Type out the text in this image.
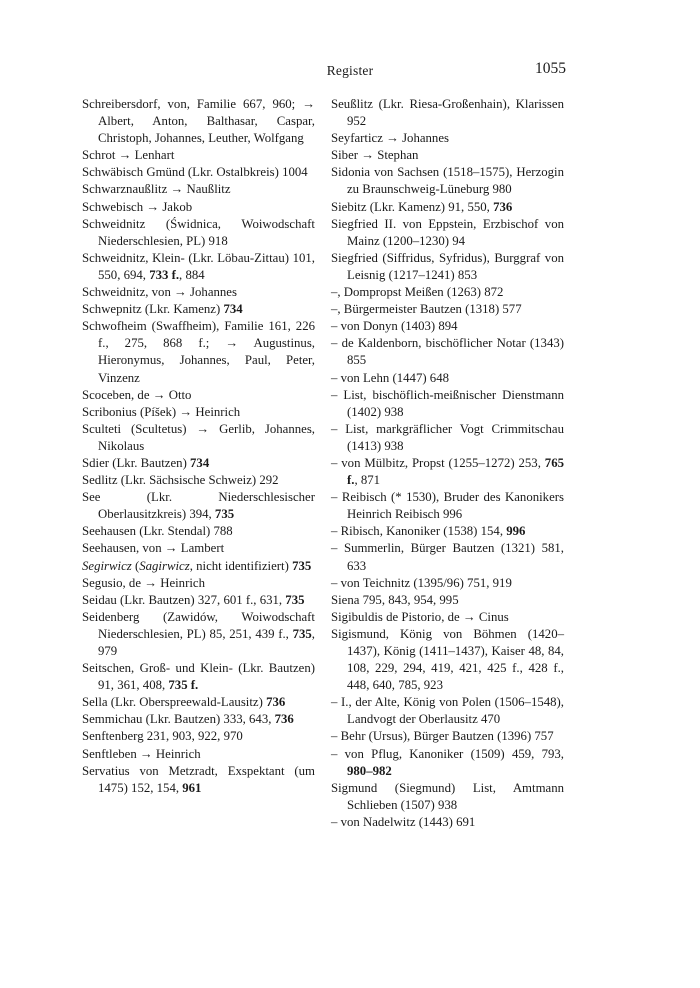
Register	1055

Schreibersdorf, von, Familie 667, 960; → Albert, Anton, Balthasar, Caspar, Christoph, Johannes, Leuther, Wolfgang

Schrot → Lenhart

Schwäbisch Gmünd (Lkr. Ostalbkreis) 1004

Schwarznaußlitz → Naußlitz

Schwebisch → Jakob

Schweidnitz (Świdnica, Woiwodschaft Niederschlesien, PL) 918

Schweidnitz, Klein- (Lkr. Löbau-Zittau) 101, 550, 694, 733 f., 884

Schweidnitz, von → Johannes

Schwepnitz (Lkr. Kamenz) 734

Schwofheim (Swaffheim), Familie 161, 226 f., 275, 868 f.; → Augustinus, Hieronymus, Johannes, Paul, Peter, Vinzenz

Scoceben, de → Otto

Scribonius (Píšek) → Heinrich

Sculteti (Scultetus) → Gerlib, Johannes, Nikolaus

Sdier (Lkr. Bautzen) 734

Sedlitz (Lkr. Sächsische Schweiz) 292

See (Lkr. Niederschlesischer Oberlausitzkreis) 394, 735

Seehausen (Lkr. Stendal) 788

Seehausen, von → Lambert

Segirwicz (Sagirwicz, nicht identifiziert) 735

Segusio, de → Heinrich

Seidau (Lkr. Bautzen) 327, 601 f., 631, 735

Seidenberg (Zawidów, Woiwodschaft Niederschlesien, PL) 85, 251, 439 f., 735, 979

Seitschen, Groß- und Klein- (Lkr. Bautzen) 91, 361, 408, 735 f.

Sella (Lkr. Oberspreewald-Lausitz) 736

Semmichau (Lkr. Bautzen) 333, 643, 736

Senftenberg 231, 903, 922, 970

Senftleben → Heinrich

Servatius von Metzradt, Exspektant (um 1475) 152, 154, 961

Seußlitz (Lkr. Riesa-Großenhain), Klarissen 952

Seyfarticz → Johannes

Siber → Stephan

Sidonia von Sachsen (1518–1575), Herzogin zu Braunschweig-Lüneburg 980

Siebitz (Lkr. Kamenz) 91, 550, 736

Siegfried II. von Eppstein, Erzbischof von Mainz (1200–1230) 94

Siegfried (Siffridus, Syfridus), Burggraf von Leisnig (1217–1241) 853

–, Dompropst Meißen (1263) 872

–, Bürgermeister Bautzen (1318) 577

– von Donyn (1403) 894

– de Kaldenborn, bischöflicher Notar (1343) 855

– von Lehn (1447) 648

– List, bischöflich-meißnischer Dienstmann (1402) 938

– List, markgräflicher Vogt Crimmitschau (1413) 938

– von Mülbitz, Propst (1255–1272) 253, 765 f., 871

– Reibisch (* 1530), Bruder des Kanonikers Heinrich Reibisch 996

– Ribisch, Kanoniker (1538) 154, 996

– Summerlin, Bürger Bautzen (1321) 581, 633

– von Teichnitz (1395/96) 751, 919

Siena 795, 843, 954, 995

Sigibuldis de Pistorio, de → Cinus

Sigismund, König von Böhmen (1420–1437), König (1411–1437), Kaiser 48, 84, 108, 229, 294, 419, 421, 425 f., 428 f., 448, 640, 785, 923

– I., der Alte, König von Polen (1506–1548), Landvogt der Oberlausitz 470

– Behr (Ursus), Bürger Bautzen (1396) 757

– von Pflug, Kanoniker (1509) 459, 793, 980–982

Sigmund (Siegmund) List, Amtmann Schlieben (1507) 938

– von Nadelwitz (1443) 691
